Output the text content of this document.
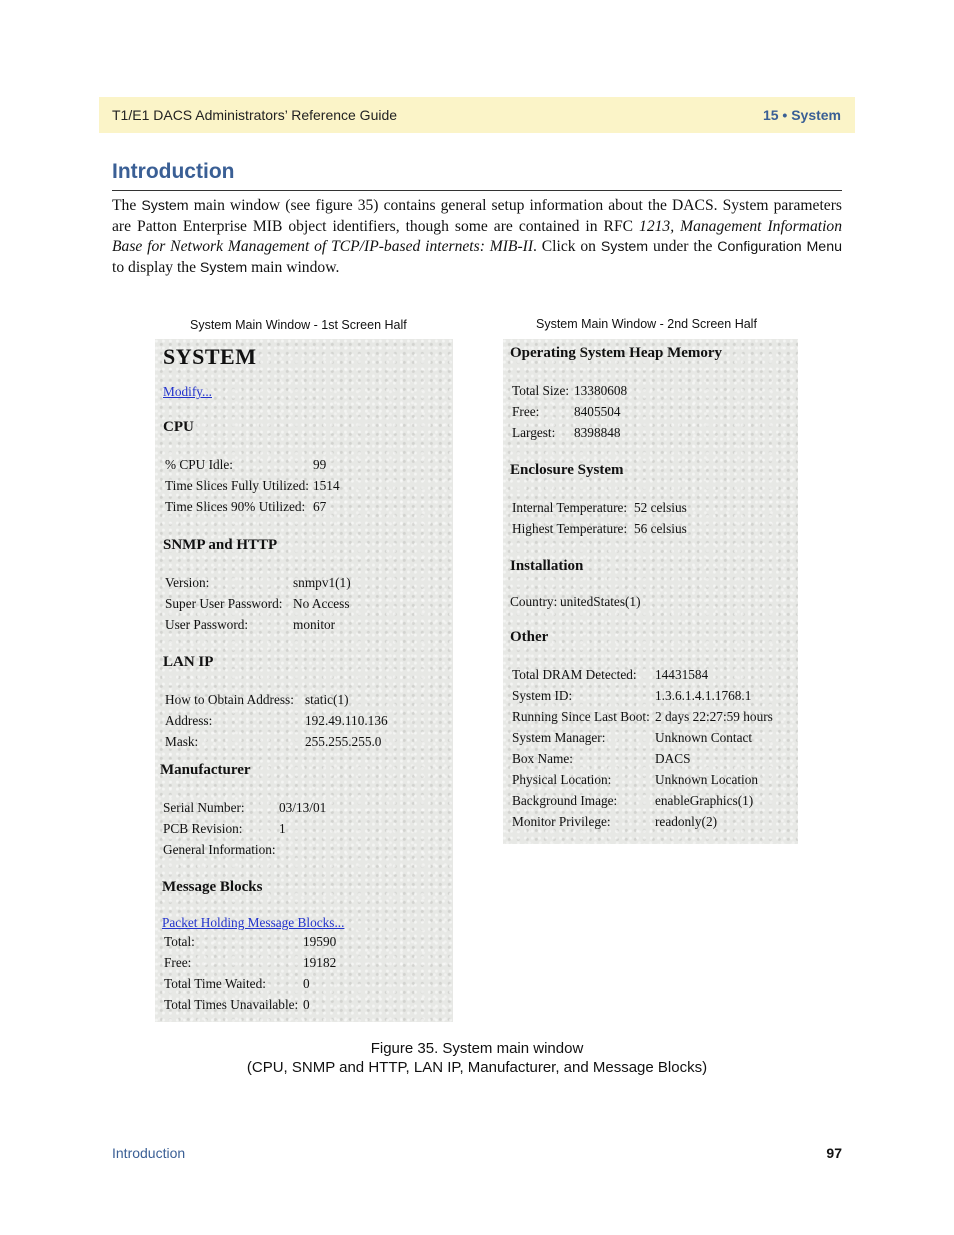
T1/E1 DACS Administrators’ Reference Guide	15 • System
Introduction
The System main window (see figure 35) contains general setup information about the DACS. System parameters are Patton Enterprise MIB object identifiers, though some are contained in RFC 1213, Management Information Base for Network Management of TCP/IP-based internets: MIB-II. Click on System under the Configuration Menu to display the System main window.
System Main Window - 1st Screen Half	System Main Window - 2nd Screen Half
SYSTEM
Modify...
CPU
% CPU Idle:	99
Time Slices Fully Utilized: 1514
Time Slices 90% Utilized: 67
SNMP and HTTP
Version:	snmpv1(1)
Super User Password: No Access
User Password:	monitor
LAN IP
How to Obtain Address: static(1)
Address:	192.49.110.136
Mask:	255.255.255.0
Manufacturer
Serial Number:	03/13/01
PCB Revision:	1
General Information:
Message Blocks
Packet Holding Message Blocks...
Total:	19590
Free:	19182
Total Time Waited:	0
Total Times Unavailable: 0
Operating System Heap Memory
Total Size: 13380608
Free:	8405504
Largest: 8398848
Enclosure System
Internal Temperature: 52 celsius
Highest Temperature: 56 celsius
Installation
Country: unitedStates(1)
Other
Total DRAM Detected: 14431584
System ID:	1.3.6.1.4.1.1768.1
Running Since Last Boot: 2 days 22:27:59 hours
System Manager:	Unknown Contact
Box Name:	DACS
Physical Location:	Unknown Location
Background Image:	enableGraphics(1)
Monitor Privilege:	readonly(2)
Figure 35. System main window
(CPU, SNMP and HTTP, LAN IP, Manufacturer, and Message Blocks)
Introduction	97
